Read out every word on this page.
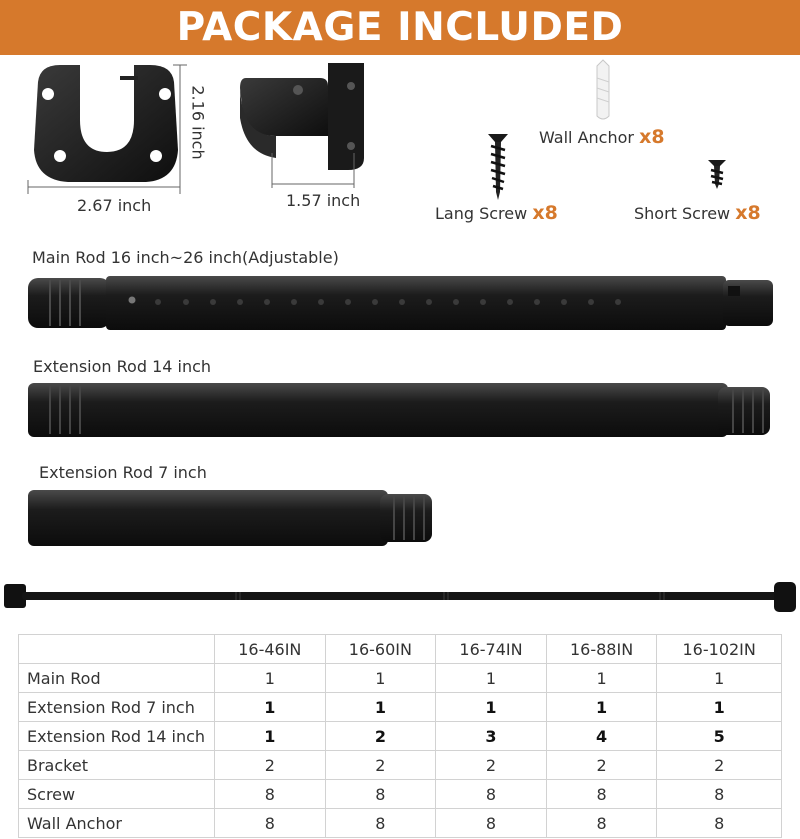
PACKAGE INCLUDED
2.67 inch
2.16 inch
1.57 inch
Wall Anchor x8
Lang Screw x8	Short Screw x8
Main Rod 16 inch~26 inch(Adjustable)
Extension Rod 14 inch
Extension Rod 7 inch
	16-46IN	16-60IN	16-74IN	16-88IN	16-102IN
Main Rod	1	1	1	1	1
Extension Rod 7 inch	1	1	1	1	1
Extension Rod 14 inch	1	2	3	4	5
Bracket	2	2	2	2	2
Screw	8	8	8	8	8
Wall Anchor	8	8	8	8	8
